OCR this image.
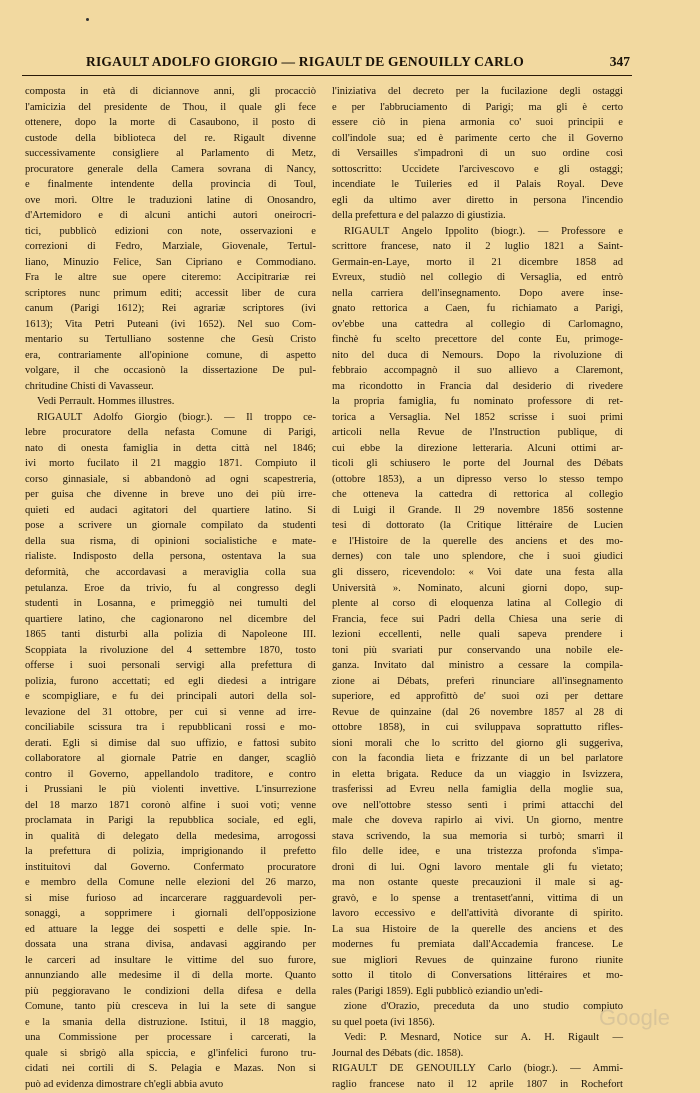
RIGAULT ADOLFO GIORGIO — RIGAULT DE GENOUILLY CARLO	347
composta in età di diciannove anni, gli procacciò
l'amicizia del presidente de Thou, il quale gli fece
ottenere, dopo la morte di Casaubono, il posto di
custode della biblioteca del re. Rigault divenne
successivamente consigliere al Parlamento di Metz,
procuratore generale della Camera sovrana di Nancy,
e finalmente intendente della provincia di Toul,
ove morì. Oltre le traduzioni latine di Onosandro,
d'Artemidoro e di alcuni antichi autori oneirocri-
tici, pubblicò edizioni con note, osservazioni e
correzioni di Fedro, Marziale, Giovenale, Tertul-
liano, Minuzio Felice, San Cipriano e Commodiano.
Fra le altre sue opere citeremo: Accipitrariæ rei
scriptores nunc primum editi; accessit liber de cura
canum (Parigi 1612); Rei agrariæ scriptores (ivi
1613); Vita Petri Puteani (ivi 1652). Nel suo Com-
mentario su Tertulliano sostenne che Gesù Cristo
era, contrariamente all'opinione comune, di aspetto
volgare, il che occasionò la dissertazione De pul-
chritudine Chisti di Vavasseur.
Vedi Perrault. Hommes illustres.
RIGAULT Adolfo Giorgio (biogr.). — Il troppo ce-
lebre procuratore della nefasta Comune di Parigi,
nato di onesta famiglia in detta città nel 1846;
ivi morto fucilato il 21 maggio 1871. Compiuto il
corso ginnasiale, si abbandonò ad ogni scapestreria,
per guisa che divenne in breve uno dei più irre-
quieti ed audaci agitatori del quartiere latino. Si
pose a scrivere un giornale compilato da studenti
della sua risma, di opinioni socialistiche e mate-
rialiste. Indisposto della persona, ostentava la sua
deformità, che accordavasi a meraviglia colla sua
petulanza. Eroe da trivio, fu al congresso degli
studenti in Losanna, e primeggiò nei tumulti del
quartiere latino, che cagionarono nel dicembre del
1865 tanti disturbi alla polizia di Napoleone III.
Scoppiata la rivoluzione del 4 settembre 1870, tosto
offerse i suoi personali servigi alla prefettura di
polizia, furono accettati; ed egli diedesi a intrigare
e scompigliare, e fu dei principali autori della sol-
levazione del 31 ottobre, per cui si venne ad irre-
conciliabile scissura tra i repubblicani rossi e mo-
derati. Egli si dimise dal suo uffizio, e fattosi subito
collaboratore al giornale Patrie en danger, scagliò
contro il Governo, appellandolo traditore, e contro
i Prussiani le più violenti invettive. L'insurrezione
del 18 marzo 1871 coronò alfine i suoi voti; venne
proclamata in Parigi la repubblica sociale, ed egli,
in qualità di delegato della medesima, arrogossi
la prefettura di polizia, imprigionando il prefetto
instituitovi dal Governo. Confermato procuratore
e membro della Comune nelle elezioni del 26 marzo,
si mise furioso ad incarcerare ragguardevoli per-
sonaggi, a sopprimere i giornali dell'opposizione
ed attuare la legge dei sospetti e delle spie. In-
dossata una strana divisa, andavasi aggirando per
le carceri ad insultare le vittime del suo furore,
annunziando alle medesime il dì della morte. Quanto
più peggioravano le condizioni della difesa e della
Comune, tanto più cresceva in lui la sete di sangue
e la smania della distruzione. Istituì, il 18 maggio,
una Commissione per processare i carcerati, la
quale si sbrigò alla spiccia, e gl'infelici furono tru-
cidati nei cortili di S. Pelagia e Mazas. Non si
può ad evidenza dimostrare ch'egli abbia avuto
l'iniziativa del decreto per la fucilazione degli ostaggi
e per l'abbruciamento di Parigi; ma gli è certo
essere ciò in piena armonia co' suoi principii e
coll'indole sua; ed è parimente certo che il Governo
di Versailles s'impadronì di un suo ordine così
sottoscritto: Uccidete l'arcivescovo e gli ostaggi;
incendiate le Tuileries ed il Palais Royal. Deve
egli da ultimo aver diretto in persona l'incendio
della prefettura e del palazzo di giustizia.
RIGAULT Angelo Ippolito (biogr.). — Professore e
scrittore francese, nato il 2 luglio 1821 a Saint-
Germain-en-Laye, morto il 21 dicembre 1858 ad
Evreux, studiò nel collegio di Versaglia, ed entrò
nella carriera dell'insegnamento. Dopo avere inse-
gnato rettorica a Caen, fu richiamato a Parigi,
ov'ebbe una cattedra al collegio di Carlomagno,
finchè fu scelto precettore del conte Eu, primoge-
nito del duca di Nemours. Dopo la rivoluzione di
febbraio accompagnò il suo allievo a Claremont,
ma ricondotto in Francia dal desiderio di rivedere
la propria famiglia, fu nominato professore di ret-
torica a Versaglia. Nel 1852 scrisse i suoi primi
articoli nella Revue de l'Instruction publique, di
cui ebbe la direzione letteraria. Alcuni ottimi ar-
ticoli gli schiusero le porte del Journal des Débats
(ottobre 1853), a un dipresso verso lo stesso tempo
che otteneva la cattedra di rettorica al collegio
di Luigi il Grande. Il 29 novembre 1856 sostenne
tesi di dottorato (la Critique littéraire de Lucien
e l'Histoire de la querelle des anciens et des mo-
dernes) con tale uno splendore, che i suoi giudici
gli dissero, ricevendolo: « Voi date una festa alla
Università ». Nominato, alcuni giorni dopo, sup-
plente al corso di eloquenza latina al Collegio di
Francia, fece sui Padri della Chiesa una serie di
lezioni eccellenti, nelle quali sapeva prendere i
toni più svariati pur conservando una nobile ele-
ganza. Invitato dal ministro a cessare la compila-
zione ai Débats, preferì rinunciare all'insegnamento
superiore, ed approfittò de' suoi ozi per dettare
Revue de quinzaine (dal 26 novembre 1857 al 28 di
ottobre 1858), in cui sviluppava soprattutto rifles-
sioni morali che lo scritto del giorno gli suggeriva,
con la facondia lieta e frizzante di un bel parlatore
in eletta brigata. Reduce da un viaggio in Isvizzera,
trasferissi ad Evreu nella famiglia della moglie sua,
ove nell'ottobre stesso sentì i primi attacchi del
male che doveva rapirlo ai vivi. Un giorno, mentre
stava scrivendo, la sua memoria si turbò; smarrì il
filo delle idee, e una tristezza profonda s'impa-
dronì di lui. Ogni lavoro mentale gli fu vietato;
ma non ostante queste precauzioni il male si ag-
gravò, e lo spense a trentasett'anni, vittima di un
lavoro eccessivo e dell'attività divorante di spirito.
La sua Histoire de la querelle des anciens et des
modernes fu premiata dall'Accademia francese. Le
sue migliori Revues de quinzaine furono riunite
sotto il titolo di Conversations littéraires et mo-
rales (Parigi 1859). Egli pubblicò eziandio un'edi-
zione d'Orazio, preceduta da uno studio compiuto
su quel poeta (ivi 1856).
Vedi: P. Mesnard, Notice sur A. H. Rigault —
Journal des Débats (dic. 1858).
RIGAULT DE GENOUILLY Carlo (biogr.). — Ammi-
raglio francese nato il 12 aprile 1807 in Rochefort
Google
